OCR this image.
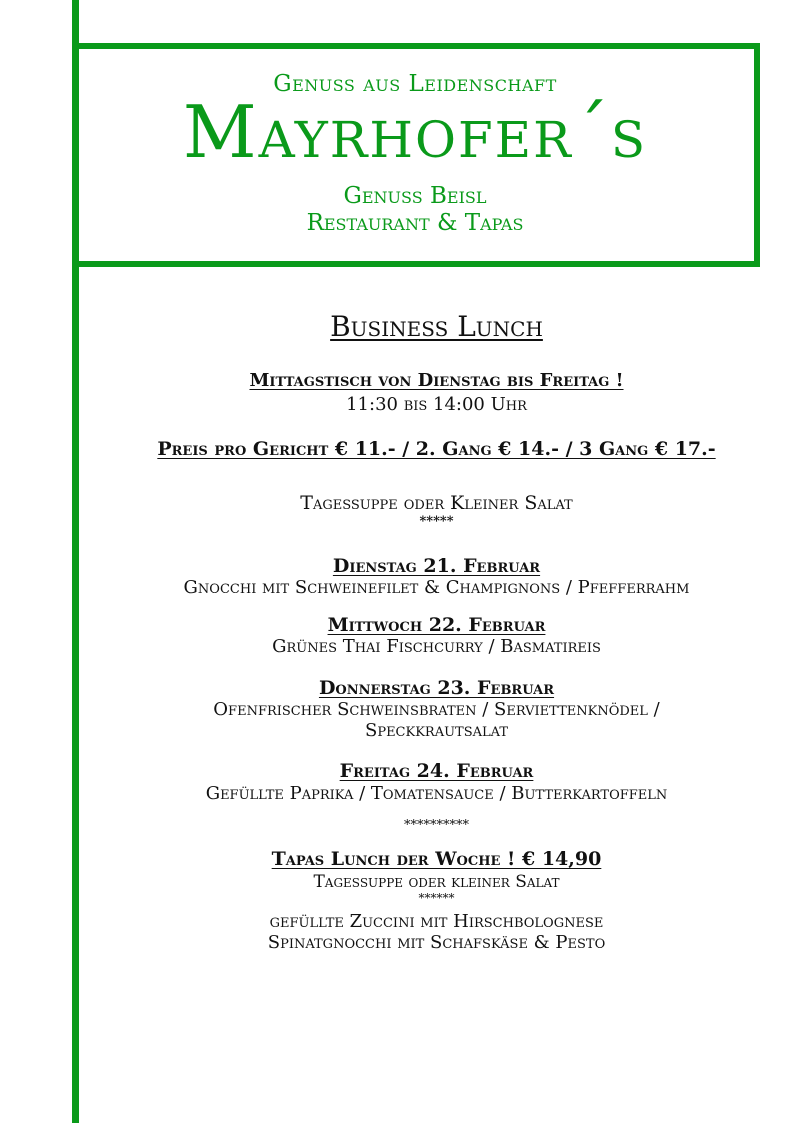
Genuss aus Leidenschaft
Mayrhofer´s
Genuss Beisl
Restaurant & Tapas
Business Lunch
Mittagstisch von Dienstag bis Freitag !
11:30 bis 14:00 Uhr
Preis pro Gericht € 11.- / 2. Gang € 14.- / 3 Gang € 17.-
Tagessuppe oder Kleiner Salat
*****
Dienstag 21. Februar
Gnocchi mit Schweinefilet & Champignons / Pfefferrahm
Mittwoch 22. Februar
Grünes Thai Fischcurry / Basmatireis
Donnerstag 23. Februar
Ofenfrischer Schweinsbraten / Serviettenknödel /
Speckkrautsalat
Freitag 24. Februar
Gefüllte Paprika / Tomatensauce / Butterkartoffeln
**********
Tapas Lunch der Woche ! € 14,90
Tagessuppe oder kleiner Salat
******
gefüllte Zuccini mit Hirschbolognese
Spinatgnocchi mit Schafskäse & Pesto
